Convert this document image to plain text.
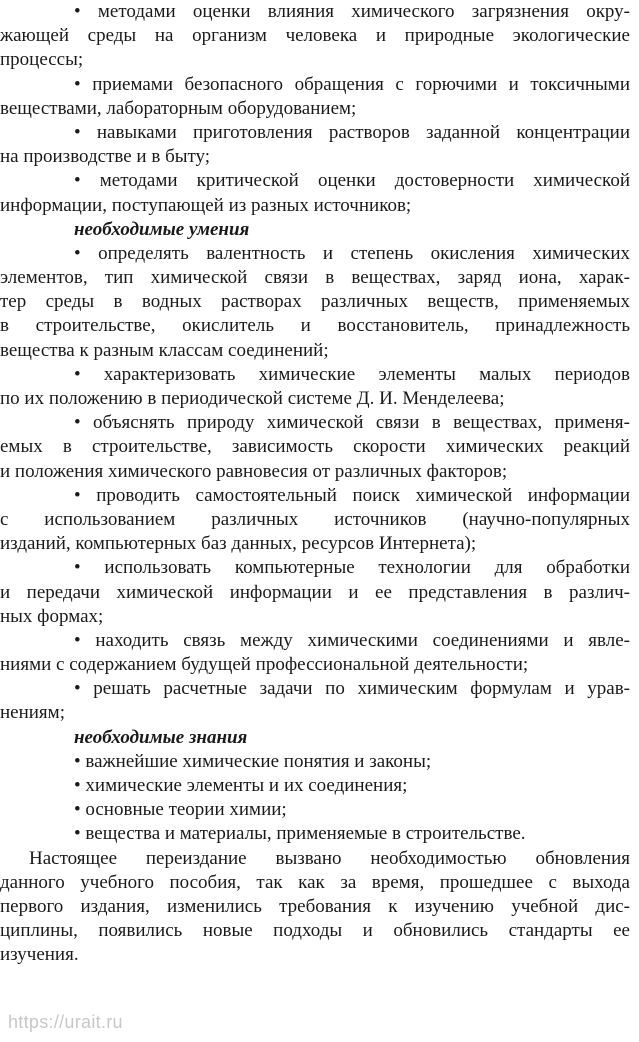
• методами оценки влияния химического загрязнения окру-
жающей среды на организм человека и природные экологические
процессы;
• приемами безопасного обращения с горючими и токсичными
веществами, лабораторным оборудованием;
• навыками приготовления растворов заданной концентрации
на производстве и в быту;
• методами критической оценки достоверности химической
информации, поступающей из разных источников;
необходимые умения
• определять валентность и степень окисления химических
элементов, тип химической связи в веществах, заряд иона, харак-
тер среды в водных растворах различных веществ, применяемых
в строительстве, окислитель и восстановитель, принадлежность
вещества к разным классам соединений;
• характеризовать химические элементы малых периодов
по их положению в периодической системе Д. И. Менделеева;
• объяснять природу химической связи в веществах, применя-
емых в строительстве, зависимость скорости химических реакций
и положения химического равновесия от различных факторов;
• проводить самостоятельный поиск химической информации
с использованием различных источников (научно-популярных
изданий, компьютерных баз данных, ресурсов Интернета);
• использовать компьютерные технологии для обработки
и передачи химической информации и ее представления в различ-
ных формах;
• находить связь между химическими соединениями и явле-
ниями с содержанием будущей профессиональной деятельности;
• решать расчетные задачи по химическим формулам и урав-
нениям;
необходимые знания
• важнейшие химические понятия и законы;
• химические элементы и их соединения;
• основные теории химии;
• вещества и материалы, применяемые в строительстве.
Настоящее переиздание вызвано необходимостью обновления
данного учебного пособия, так как за время, прошедшее с выхода
первого издания, изменились требования к изучению учебной дис-
циплины, появились новые подходы и обновились стандарты ее
изучения.
https://urait.ru
